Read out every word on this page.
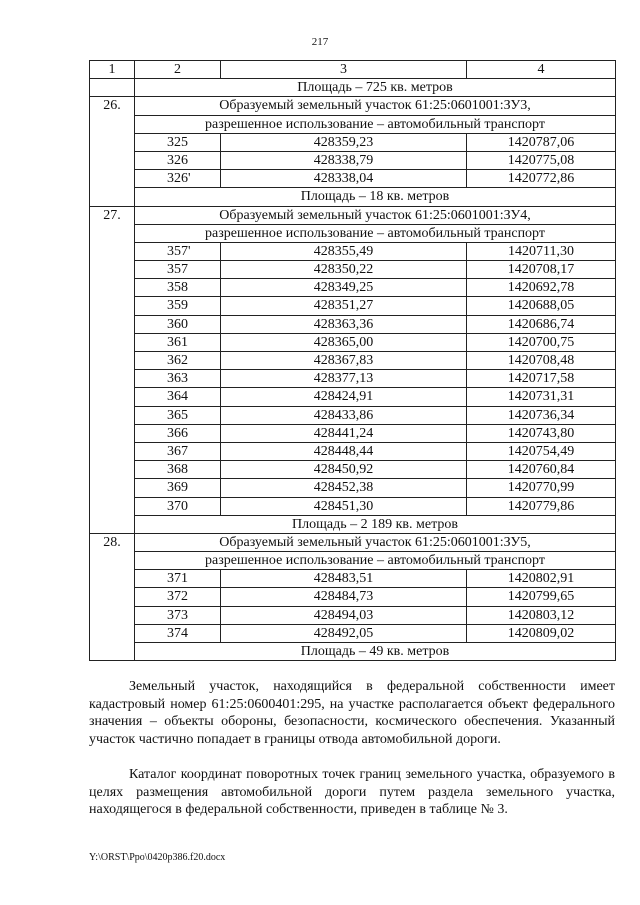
217
1	2	3	4
	Площадь – 725 кв. метров		
26.	Образуемый земельный участок 61:25:0601001:ЗУ3,		
	разрешенное использование – автомобильный транспорт		
	325	428359,23	1420787,06
	326	428338,79	1420775,08
	326'	428338,04	1420772,86
	Площадь – 18 кв. метров		
27.	Образуемый земельный участок 61:25:0601001:ЗУ4,		
	разрешенное использование – автомобильный транспорт		
	357'	428355,49	1420711,30
	357	428350,22	1420708,17
	358	428349,25	1420692,78
	359	428351,27	1420688,05
	360	428363,36	1420686,74
	361	428365,00	1420700,75
	362	428367,83	1420708,48
	363	428377,13	1420717,58
	364	428424,91	1420731,31
	365	428433,86	1420736,34
	366	428441,24	1420743,80
	367	428448,44	1420754,49
	368	428450,92	1420760,84
	369	428452,38	1420770,99
	370	428451,30	1420779,86
	Площадь – 2 189 кв. метров		
28.	Образуемый земельный участок 61:25:0601001:ЗУ5,		
	разрешенное использование – автомобильный транспорт		
	371	428483,51	1420802,91
	372	428484,73	1420799,65
	373	428494,03	1420803,12
	374	428492,05	1420809,02
	Площадь – 49 кв. метров		

Земельный участок, находящийся в федеральной собственности имеет кадастровый номер 61:25:0600401:295, на участке располагается объект федерального значения – объекты обороны, безопасности, космического обеспечения. Указанный участок частично попадает в границы отвода автомобильной дороги.

Каталог координат поворотных точек границ земельного участка, образуемого в целях размещения автомобильной дороги путем раздела земельного участка, находящегося в федеральной собственности, приведен в таблице № 3.

Y:\ORST\Ppo\0420p386.f20.docx
